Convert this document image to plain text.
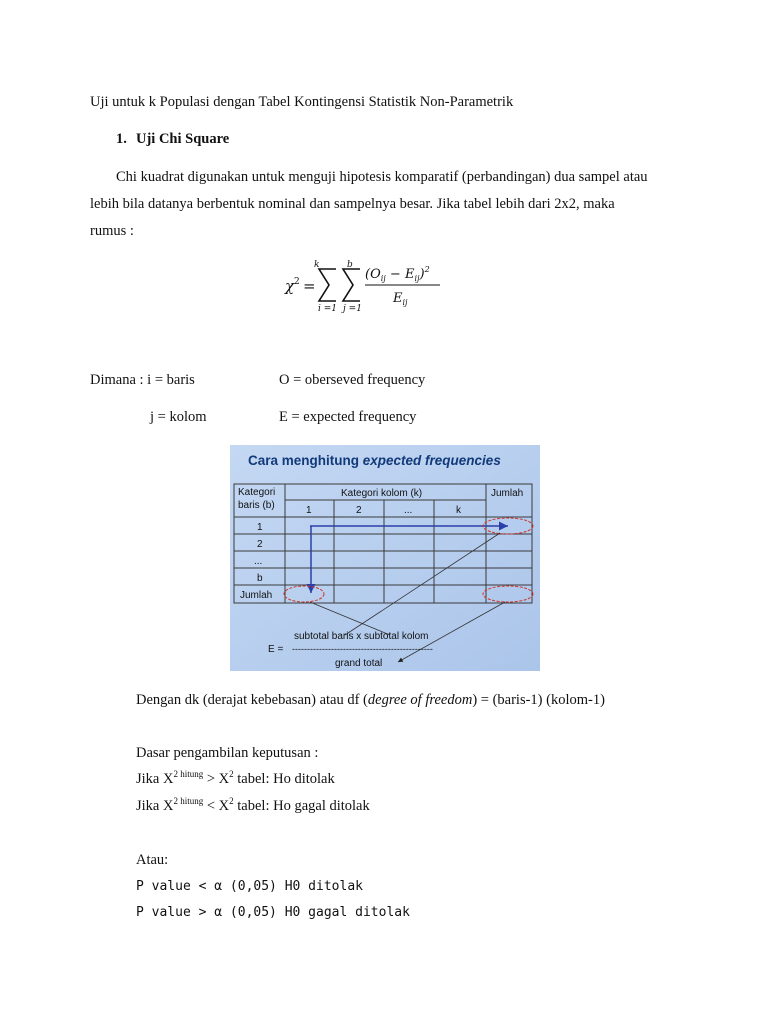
Uji untuk k Populasi dengan Tabel Kontingensi Statistik Non-Parametrik
1. Uji Chi Square
Chi kuadrat digunakan untuk menguji hipotesis komparatif (perbandingan) dua sampel atau
lebih bila datanya berbentuk nominal dan sampelnya besar. Jika tabel lebih dari 2x2, maka
rumus :
χ 2 =
k
i =1
b
j =1
$(O_{ij} - E_{ij})^2$
$E_{ij}$
Dimana : i = baris	O = oberseved frequency
j = kolom	E = expected frequency
Cara menghitung expected frequencies
Kategori
baris (b)
Kategori kolom (k)	Jumlah
1	2	...	k
1
2
...
b
Jumlah
subtotal baris x subtotal kolom
E = -----------------------------------------------
grand total
Dengan dk (derajat kebebasan) atau df (degree of freedom) = (baris-1) (kolom-1)
Dasar pengambilan keputusan :
Jika $X^{2 hitung} > X^2$ tabel: Ho ditolak
Jika $X^{2 hitung} < X^2$ tabel: Ho gagal ditolak
Atau:
P value < α (0,05) H0 ditolak
P value > α (0,05) H0 gagal ditolak
